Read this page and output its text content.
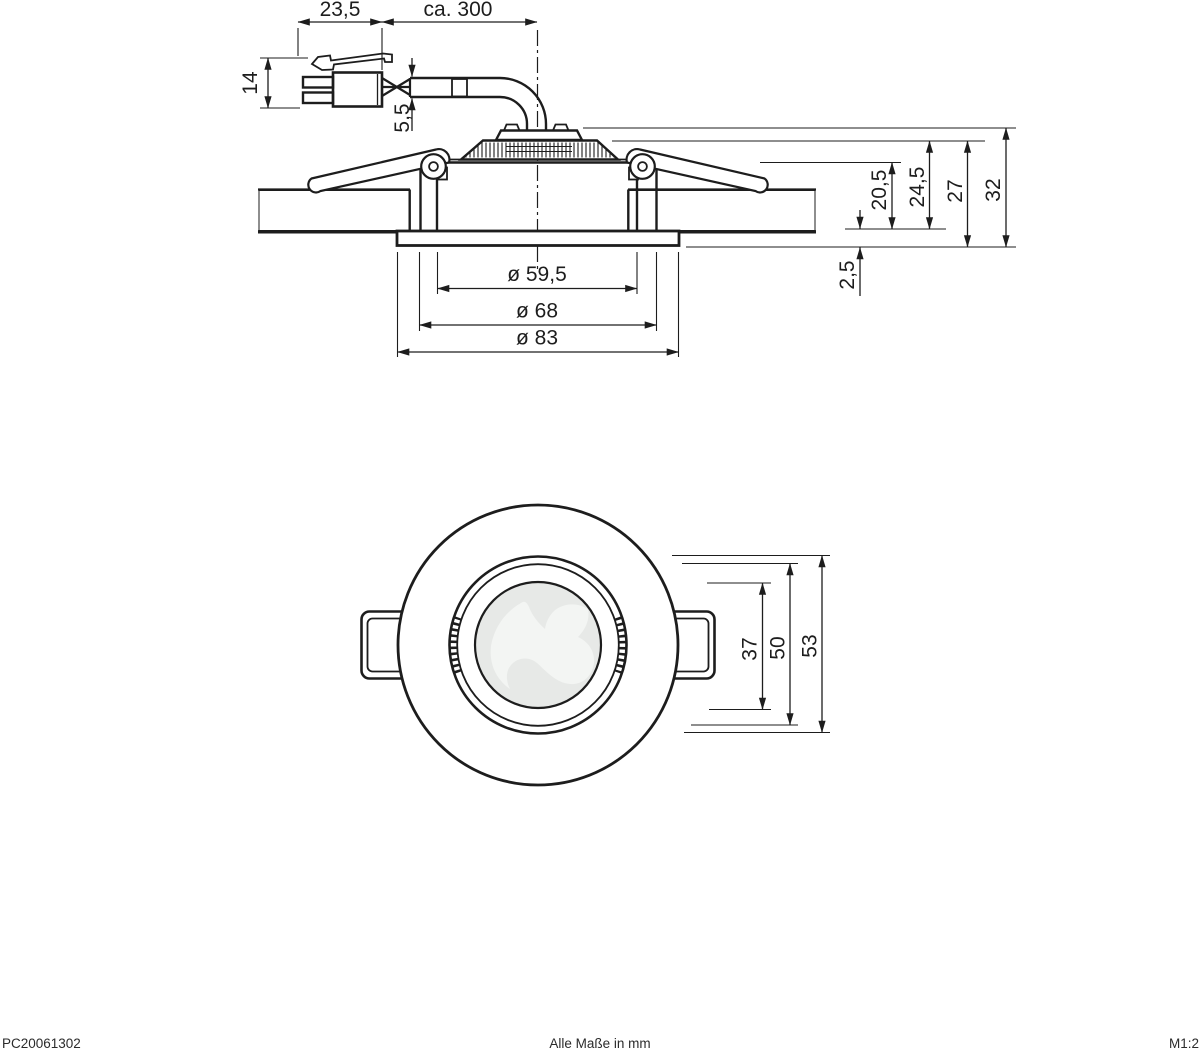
23,5	ca. 300
14
5,5
20,5 24,5 27 32
2,5
ø 59,5
ø 68
ø 83
37 50 53
PC20061302	Alle Maße in mm	M1:2
